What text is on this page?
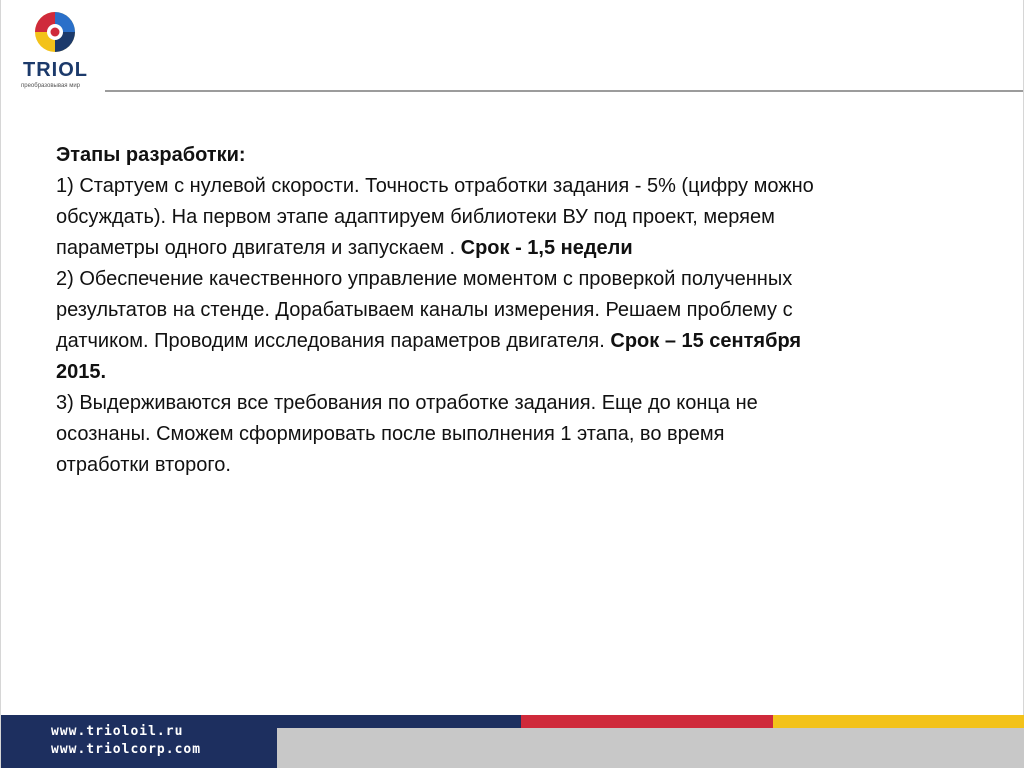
TRIOL
преобразовывая мир

Этапы разработки:

1) Стартуем с нулевой скорости. Точность отработки задания - 5% (цифру можно обсуждать). На первом этапе адаптируем библиотеки ВУ под проект, меряем параметры одного двигателя и запускаем . Срок - 1,5 недели

2) Обеспечение качественного управление моментом с проверкой полученных результатов на стенде. Дорабатываем каналы измерения. Решаем проблему с датчиком. Проводим исследования параметров двигателя. Срок – 15 сентября 2015.

3) Выдерживаются все требования по отработке задания. Еще до конца не осознаны. Сможем сформировать после выполнения 1 этапа, во время отработки второго.

www.trioloil.ru
www.triolcorp.com
